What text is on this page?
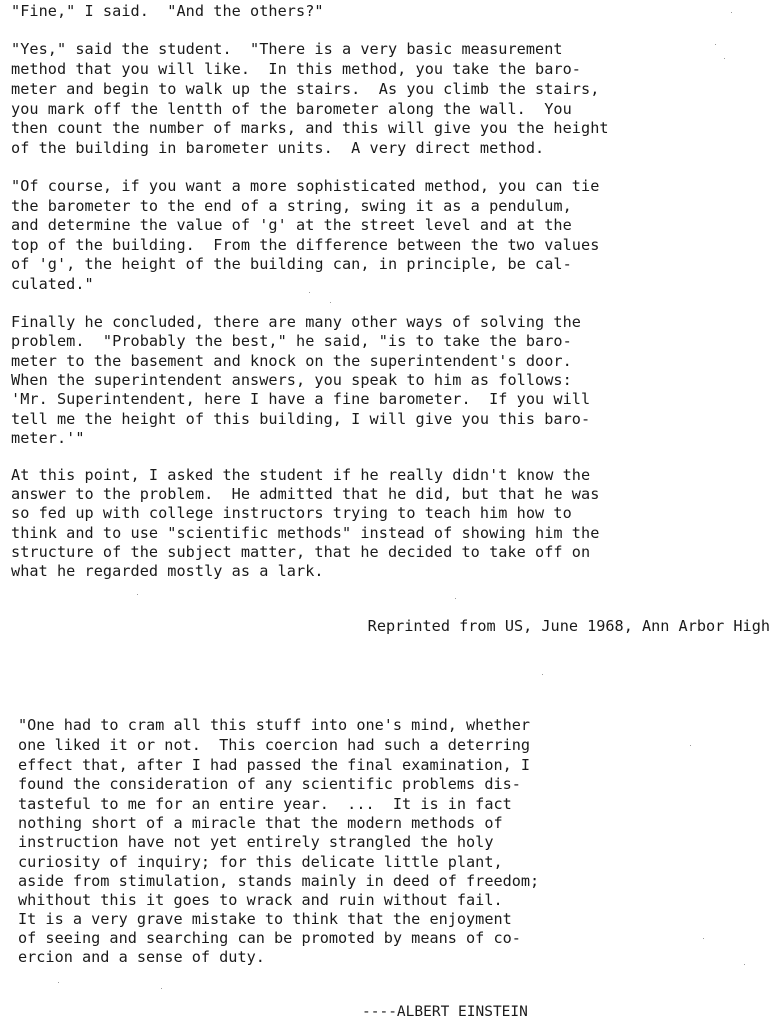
"Fine," I said.  "And the others?"
"Yes," said the student.  "There is a very basic measurement
method that you will like.  In this method, you take the baro-
meter and begin to walk up the stairs.  As you climb the stairs,
you mark off the lentth of the barometer along the wall.  You
then count the number of marks, and this will give you the height
of the building in barometer units.  A very direct method.
"Of course, if you want a more sophisticated method, you can tie
the barometer to the end of a string, swing it as a pendulum,
and determine the value of 'g' at the street level and at the
top of the building.  From the difference between the two values
of 'g', the height of the building can, in principle, be cal-
culated."
Finally he concluded, there are many other ways of solving the
problem.  "Probably the best," he said, "is to take the baro-
meter to the basement and knock on the superintendent's door.
When the superintendent answers, you speak to him as follows:
'Mr. Superintendent, here I have a fine barometer.  If you will
tell me the height of this building, I will give you this baro-
meter.'"
At this point, I asked the student if he really didn't know the
answer to the problem.  He admitted that he did, but that he was
so fed up with college instructors trying to teach him how to
think and to use "scientific methods" instead of showing him the
structure of the subject matter, that he decided to take off on
what he regarded mostly as a lark.
Reprinted from US, June 1968, Ann Arbor High
"One had to cram all this stuff into one's mind, whether
one liked it or not.  This coercion had such a deterring
effect that, after I had passed the final examination, I
found the consideration of any scientific problems dis-
tasteful to me for an entire year.  ...  It is in fact
nothing short of a miracle that the modern methods of
instruction have not yet entirely strangled the holy
curiosity of inquiry; for this delicate little plant,
aside from stimulation, stands mainly in deed of freedom;
whithout this it goes to wrack and ruin without fail.
It is a very grave mistake to think that the enjoyment
of seeing and searching can be promoted by means of co-
ercion and a sense of duty.
----ALBERT EINSTEIN
